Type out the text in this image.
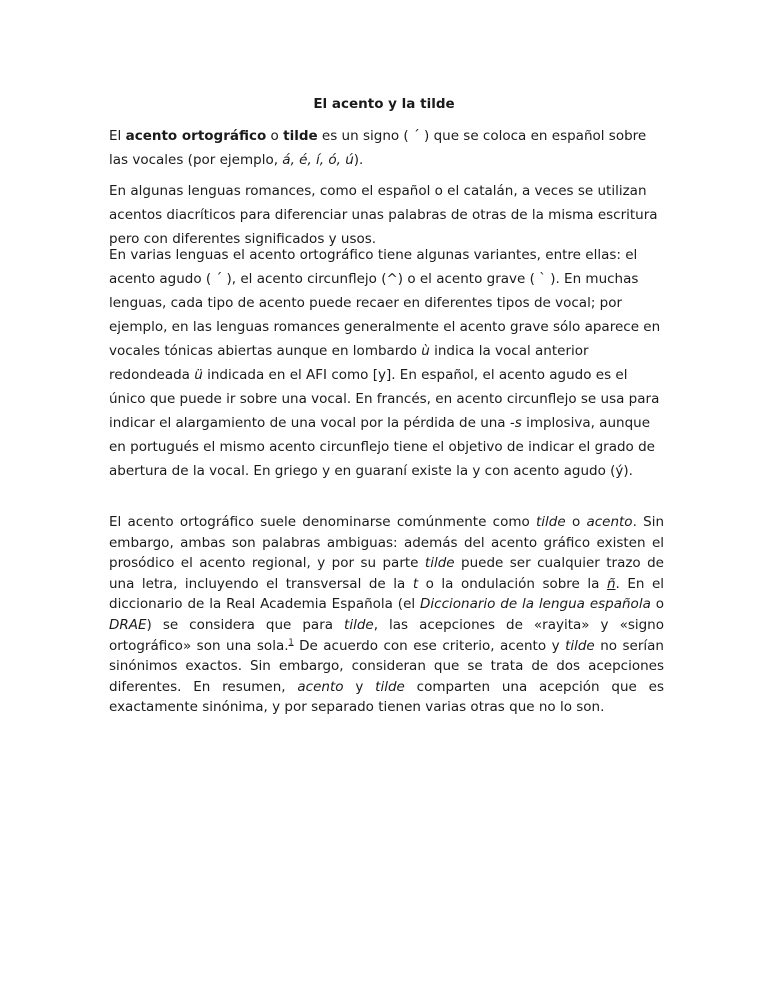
El acento y la tilde

El acento ortográfico o tilde es un signo ( ´ ) que se coloca en español sobre las vocales (por ejemplo, á, é, í, ó, ú).

En algunas lenguas romances, como el español o el catalán, a veces se utilizan acentos diacríticos para diferenciar unas palabras de otras de la misma escritura pero con diferentes significados y usos.

En varias lenguas el acento ortográfico tiene algunas variantes, entre ellas: el acento agudo ( ´ ), el acento circunflejo (^) o el acento grave ( ` ). En muchas lenguas, cada tipo de acento puede recaer en diferentes tipos de vocal; por ejemplo, en las lenguas romances generalmente el acento grave sólo aparece en vocales tónicas abiertas aunque en lombardo ù indica la vocal anterior redondeada ü indicada en el AFI como [y]. En español, el acento agudo es el único que puede ir sobre una vocal. En francés, en acento circunflejo se usa para indicar el alargamiento de una vocal por la pérdida de una -s implosiva, aunque en portugués el mismo acento circunflejo tiene el objetivo de indicar el grado de abertura de la vocal. En griego y en guaraní existe la y con acento agudo (ý).

El acento ortográfico suele denominarse comúnmente como tilde o acento. Sin embargo, ambas son palabras ambiguas: además del acento gráfico existen el prosódico el acento regional, y por su parte tilde puede ser cualquier trazo de una letra, incluyendo el transversal de la t o la ondulación sobre la ñ. En el diccionario de la Real Academia Española (el Diccionario de la lengua española o DRAE) se considera que para tilde, las acepciones de «rayita» y «signo ortográfico» son una sola.$^1$ De acuerdo con ese criterio, acento y tilde no serían sinónimos exactos. Sin embargo, consideran que se trata de dos acepciones diferentes. En resumen, acento y tilde comparten una acepción que es exactamente sinónima, y por separado tienen varias otras que no lo son.
